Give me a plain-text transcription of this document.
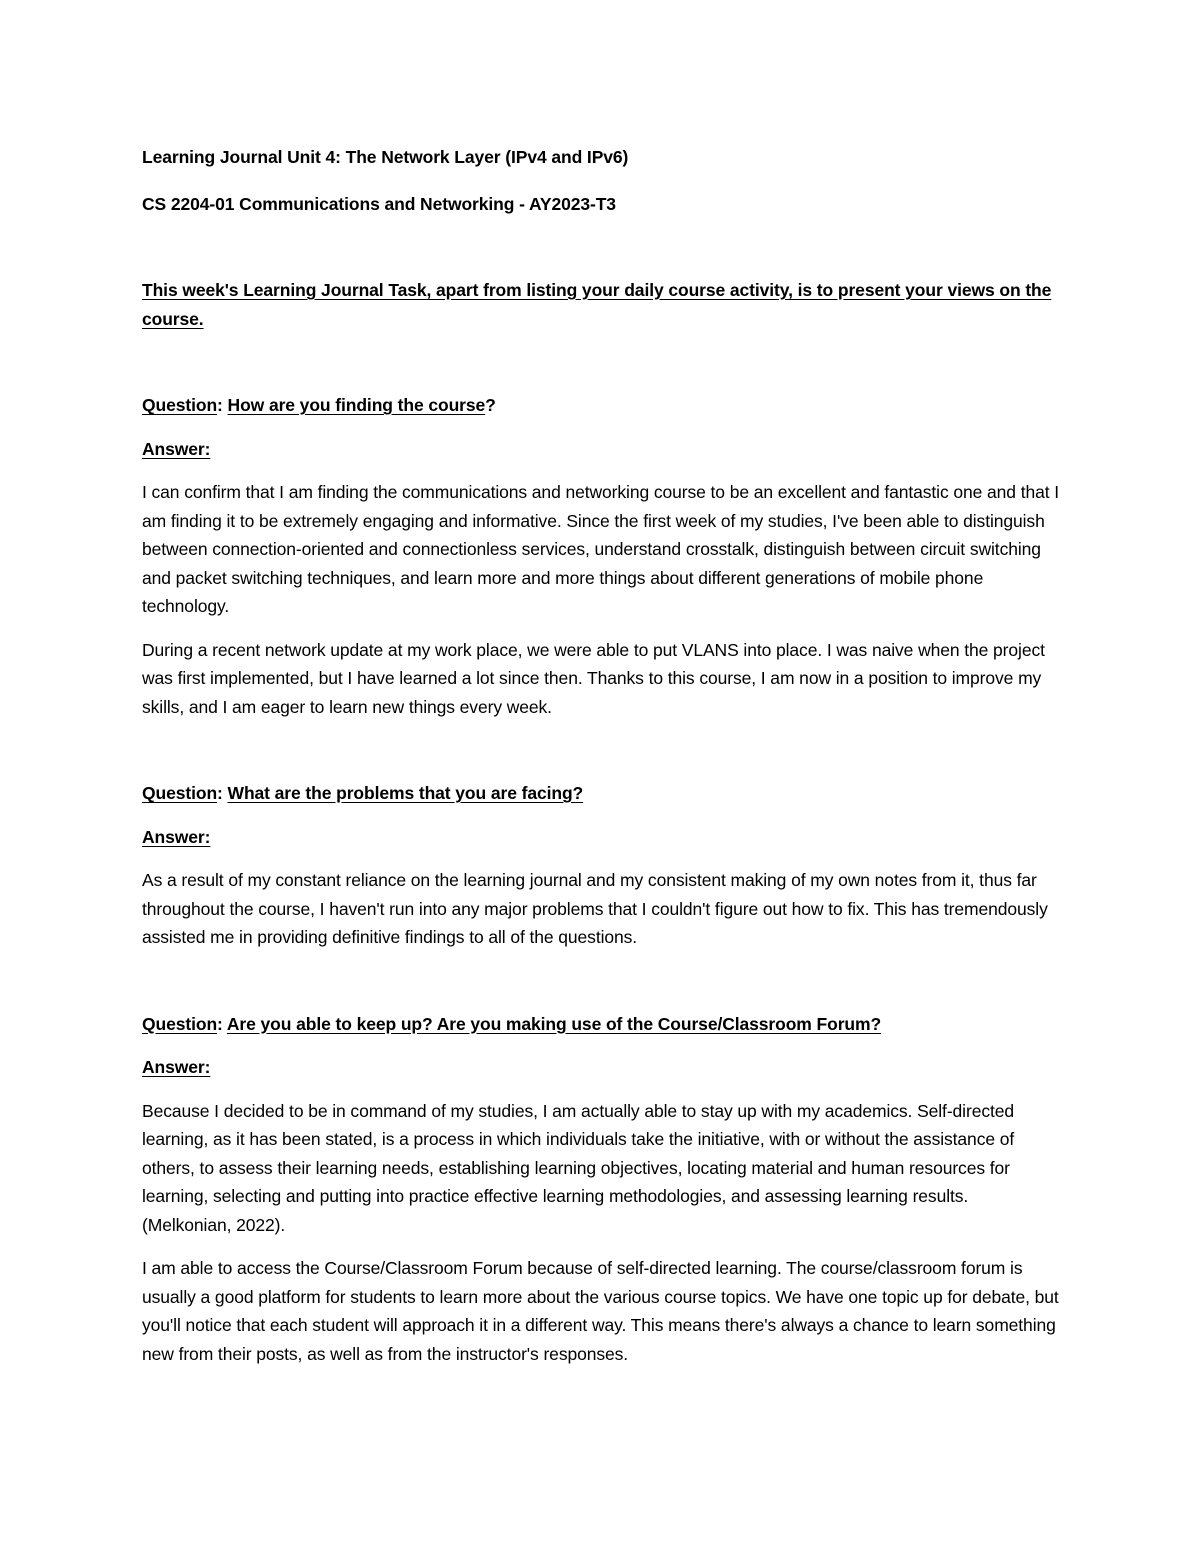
Learning Journal Unit 4: The Network Layer (IPv4 and IPv6)

CS 2204-01 Communications and Networking - AY2023-T3

This week's Learning Journal Task, apart from listing your daily course activity, is to present your views on the course.

Question: How are you finding the course?

Answer:

I can confirm that I am finding the communications and networking course to be an excellent and fantastic one and that I am finding it to be extremely engaging and informative. Since the first week of my studies, I've been able to distinguish between connection-oriented and connectionless services, understand crosstalk, distinguish between circuit switching and packet switching techniques, and learn more and more things about different generations of mobile phone technology.

During a recent network update at my work place, we were able to put VLANS into place. I was naive when the project was first implemented, but I have learned a lot since then. Thanks to this course, I am now in a position to improve my skills, and I am eager to learn new things every week.

Question: What are the problems that you are facing?

Answer:

As a result of my constant reliance on the learning journal and my consistent making of my own notes from it, thus far throughout the course, I haven't run into any major problems that I couldn't figure out how to fix. This has tremendously assisted me in providing definitive findings to all of the questions.

Question: Are you able to keep up? Are you making use of the Course/Classroom Forum?

Answer:

Because I decided to be in command of my studies, I am actually able to stay up with my academics. Self-directed learning, as it has been stated, is a process in which individuals take the initiative, with or without the assistance of others, to assess their learning needs, establishing learning objectives, locating material and human resources for learning, selecting and putting into practice effective learning methodologies, and assessing learning results. (Melkonian, 2022).

I am able to access the Course/Classroom Forum because of self-directed learning. The course/classroom forum is usually a good platform for students to learn more about the various course topics. We have one topic up for debate, but you'll notice that each student will approach it in a different way. This means there's always a chance to learn something new from their posts, as well as from the instructor's responses.
